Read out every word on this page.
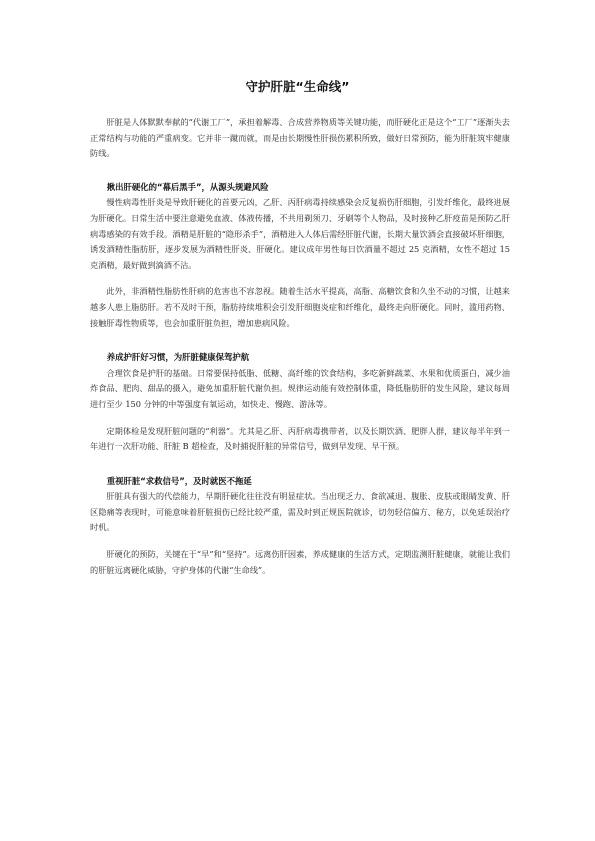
守护肝脏“生命线”

肝脏是人体默默奉献的“代谢工厂”，承担着解毒、合成营养物质等关键功能，而肝硬化正是这个“工厂”逐渐失去正常结构与功能的严重病变。它并非一蹴而就，而是由长期慢性肝损伤累积所致，做好日常预防，能为肝脏筑牢健康防线。

揪出肝硬化的“幕后黑手”，从源头规避风险

慢性病毒性肝炎是导致肝硬化的首要元凶，乙肝、丙肝病毒持续感染会反复损伤肝细胞，引发纤维化，最终进展为肝硬化。日常生活中要注意避免血液、体液传播，不共用剃须刀、牙刷等个人物品，及时接种乙肝疫苗是预防乙肝病毒感染的有效手段。酒精是肝脏的“隐形杀手”，酒精进入人体后需经肝脏代谢，长期大量饮酒会直接破坏肝细胞，诱发酒精性脂肪肝，逐步发展为酒精性肝炎、肝硬化。建议成年男性每日饮酒量不超过 25 克酒精，女性不超过 15 克酒精，最好做到滴酒不沾。

此外，非酒精性脂肪性肝病的危害也不容忽视。随着生活水平提高，高脂、高糖饮食和久坐不动的习惯，让越来越多人患上脂肪肝。若不及时干预，脂肪持续堆积会引发肝细胞炎症和纤维化，最终走向肝硬化。同时，滥用药物、接触肝毒性物质等，也会加重肝脏负担，增加患病风险。

养成护肝好习惯，为肝脏健康保驾护航

合理饮食是护肝的基础。日常要保持低脂、低糖、高纤维的饮食结构，多吃新鲜蔬菜、水果和优质蛋白，减少油炸食品、肥肉、甜品的摄入，避免加重肝脏代谢负担。规律运动能有效控制体重，降低脂肪肝的发生风险，建议每周进行至少 150 分钟的中等强度有氧运动，如快走、慢跑、游泳等。

定期体检是发现肝脏问题的“利器”。尤其是乙肝、丙肝病毒携带者，以及长期饮酒、肥胖人群，建议每半年到一年进行一次肝功能、肝脏 B 超检查，及时捕捉肝脏的异常信号，做到早发现、早干预。

重视肝脏“求救信号”，及时就医不拖延

肝脏具有强大的代偿能力，早期肝硬化往往没有明显症状。当出现乏力、食欲减退、腹胀、皮肤或眼睛发黄、肝区隐痛等表现时，可能意味着肝脏损伤已经比较严重，需及时到正规医院就诊，切勿轻信偏方、秘方，以免延误治疗时机。

肝硬化的预防，关键在于“早”和“坚持”。远离伤肝因素，养成健康的生活方式，定期监测肝脏健康，就能让我们的肝脏远离硬化威胁，守护身体的代谢“生命线”。
